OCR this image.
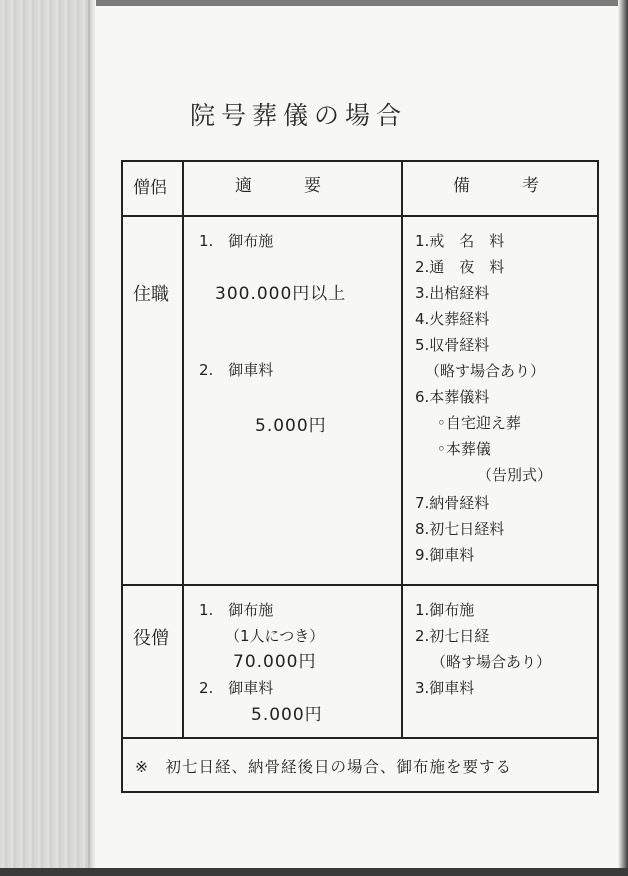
院号葬儀の場合
僧侶	適　　要	備　　考
住職
1.　御布施
300.000円以上
2.　御車料
5.000円
1.戒　名　料
2.通　夜　料
3.出棺経料
4.火葬経料
5.収骨経料
（略す場合あり）
6.本葬儀料
◦自宅迎え葬
◦本葬儀
（告別式）
7.納骨経料
8.初七日経料
9.御車料
役僧
1.　御布施
（1人につき）
70.000円
2.　御車料
5.000円
1.御布施
2.初七日経
（略す場合あり）
3.御車料
※　初七日経、納骨経後日の場合、御布施を要する
